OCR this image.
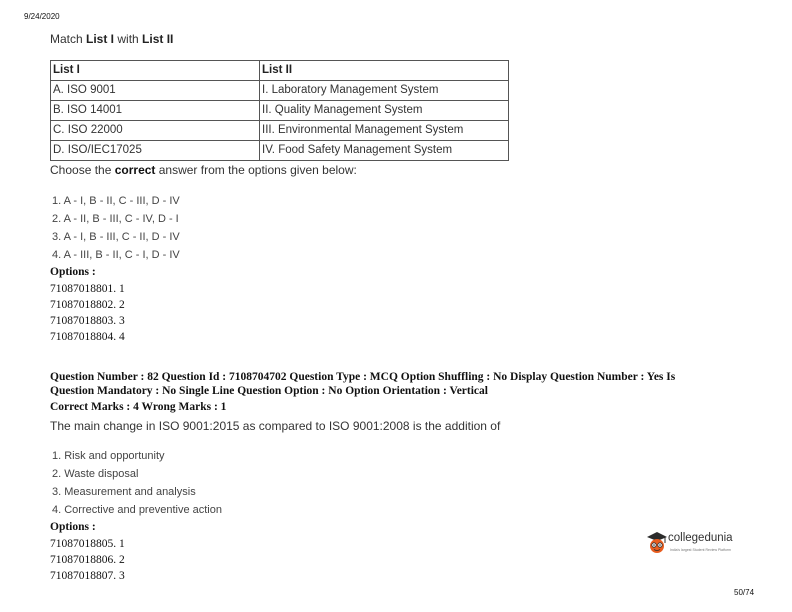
9/24/2020
Match List I with List II
List I	List II
A. ISO 9001	I. Laboratory Management System
B. ISO 14001	II. Quality Management System
C. ISO 22000	III. Environmental Management System
D. ISO/IEC17025	IV. Food Safety Management System
Choose the correct answer from the options given below:
1. A - I, B - II, C - III, D - IV
2. A - II, B - III, C - IV, D - I
3. A - I, B - III, C - II, D - IV
4. A - III, B - II, C - I, D - IV
Options :
71087018801. 1
71087018802. 2
71087018803. 3
71087018804. 4
Question Number : 82 Question Id : 7108704702 Question Type : MCQ Option Shuffling : No Display Question Number : Yes Is
Question Mandatory : No Single Line Question Option : No Option Orientation : Vertical
Correct Marks : 4 Wrong Marks : 1
The main change in ISO 9001:2015 as compared to ISO 9001:2008 is the addition of
1. Risk and opportunity
2. Waste disposal
3. Measurement and analysis
4. Corrective and preventive action
Options :
71087018805. 1
71087018806. 2
71087018807. 3
collegedunia
India's largest Student Review Platform
50/74
